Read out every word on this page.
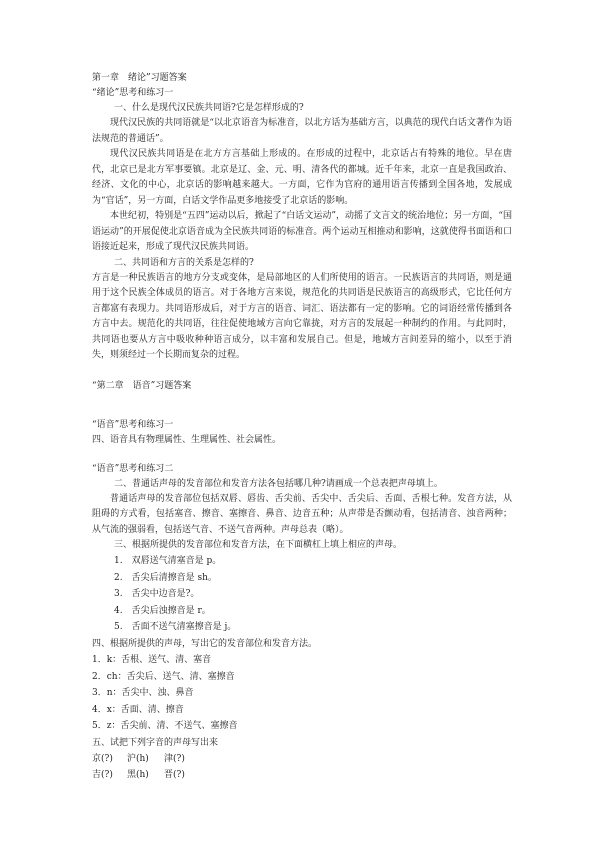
第一章　绪论”习题答案

“绪论”思考和练习一

一、什么是现代汉民族共同语?它是怎样形成的?

现代汉民族的共同语就是“以北京语音为标准音，以北方话为基础方言，以典范的现代白话文著作为语法规范的普通话”。

现代汉民族共同语是在北方方言基础上形成的。在形成的过程中，北京话占有特殊的地位。早在唐代，北京已是北方军事要镇。北京是辽、金、元、明、清各代的都城。近千年来，北京一直是我国政治、经济、文化的中心，北京话的影响越来越大。一方面，它作为官府的通用语言传播到全国各地，发展成为“官话”，另一方面，白话文学作品更多地接受了北京话的影响。

本世纪初，特别是“五四”运动以后，掀起了“白话文运动”，动摇了文言文的统治地位；另一方面，“国语运动”的开展促使北京语音成为全民族共同语的标准音。两个运动互相推动和影响，这就使得书面语和口语接近起来，形成了现代汉民族共同语。

二、共同语和方言的关系是怎样的?

方言是一种民族语言的地方分支或变体，是局部地区的人们所使用的语言。一民族语言的共同语，则是通用于这个民族全体成员的语言。对于各地方言来说，规范化的共同语是民族语言的高级形式，它比任何方言都富有表现力。共同语形成后，对于方言的语音、词汇、语法都有一定的影响。它的词语经常传播到各方言中去。规范化的共同语，往往促使地域方言向它靠拢，对方言的发展起一种制约的作用。与此同时，共同语也要从方言中吸收种种语言成分，以丰富和发展自己。但是，地域方言间差异的缩小，以至于消失，则须经过一个长期而复杂的过程。

“第二章　语音”习题答案

“语音”思考和练习一

四、语音具有物理属性、生理属性、社会属性。

“语音”思考和练习二

二、普通话声母的发音部位和发音方法各包括哪几种?请画成一个总表把声母填上。

普通话声母的发音部位包括双唇、唇齿、舌尖前、舌尖中、舌尖后、舌面、舌根七种。发音方法，从阻碍的方式看，包括塞音、擦音、塞擦音、鼻音、边音五种；从声带是否颤动看，包括清音、浊音两种；从气流的强弱看，包括送气音、不送气音两种。声母总表（略）。

三、根据所提供的发音部位和发音方法，在下面横杠上填上相应的声母。

1.　双唇送气清塞音是 p。

2.　舌尖后清擦音是 sh。

3.　舌尖中边音是?。

4.　舌尖后浊擦音是 r。

5.　舌面不送气清塞擦音是 j。

四、根据所提供的声母，写出它的发音部位和发音方法。

1．k：舌根、送气、清、塞音

2．ch：舌尖后、送气、清、塞擦音

3．n：舌尖中、浊、鼻音

4．x：舌面、清、擦音

5．z：舌尖前、清、不送气、塞擦音

五、试把下列字音的声母写出来

京(?)	沪(h)	津(?)
吉(?)	黑(h)	晋(?)
